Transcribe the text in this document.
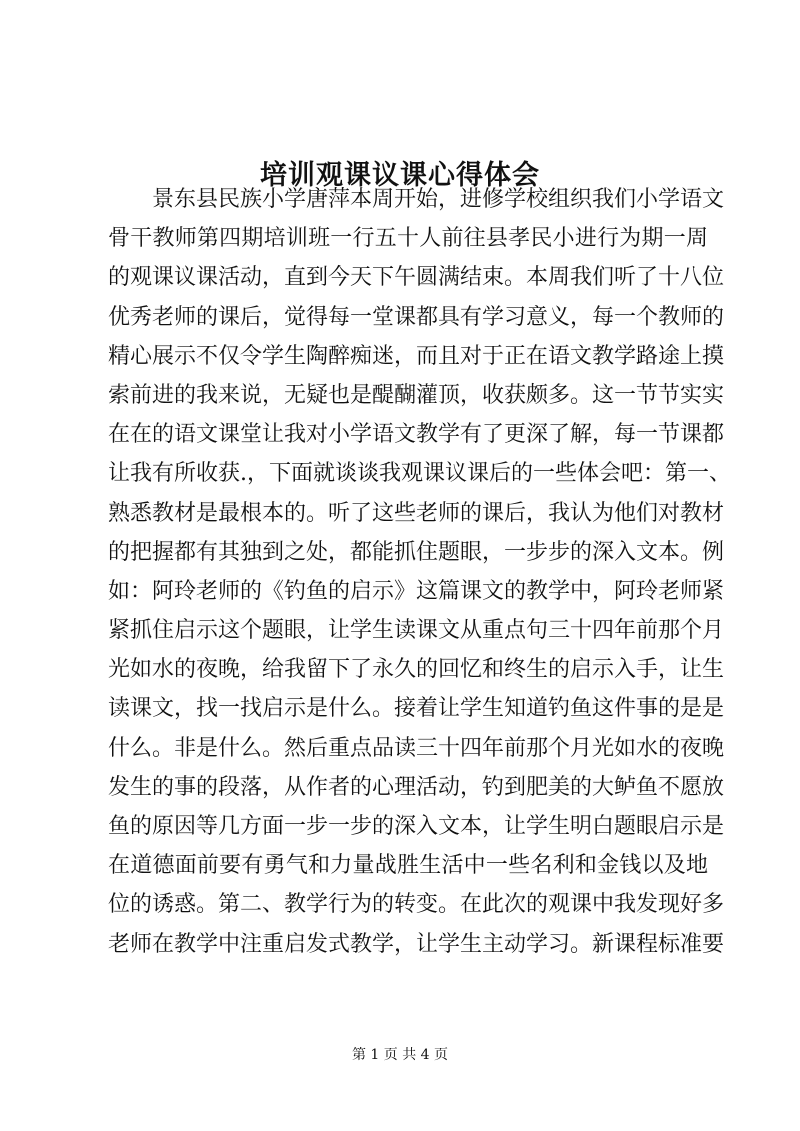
培训观课议课心得体会
景东县民族小学唐萍本周开始，进修学校组织我们小学语文
骨干教师第四期培训班一行五十人前往县孝民小进行为期一周
的观课议课活动，直到今天下午圆满结束。本周我们听了十八位
优秀老师的课后，觉得每一堂课都具有学习意义，每一个教师的
精心展示不仅令学生陶醉痴迷，而且对于正在语文教学路途上摸
索前进的我来说，无疑也是醍醐灌顶，收获颇多。这一节节实实
在在的语文课堂让我对小学语文教学有了更深了解，每一节课都
让我有所收获.，下面就谈谈我观课议课后的一些体会吧：第一、
熟悉教材是最根本的。听了这些老师的课后，我认为他们对教材
的把握都有其独到之处，都能抓住题眼，一步步的深入文本。例
如：阿玲老师的《钓鱼的启示》这篇课文的教学中，阿玲老师紧
紧抓住启示这个题眼，让学生读课文从重点句三十四年前那个月
光如水的夜晚，给我留下了永久的回忆和终生的启示入手，让生
读课文，找一找启示是什么。接着让学生知道钓鱼这件事的是是
什么。非是什么。然后重点品读三十四年前那个月光如水的夜晚
发生的事的段落，从作者的心理活动，钓到肥美的大鲈鱼不愿放
鱼的原因等几方面一步一步的深入文本，让学生明白题眼启示是
在道德面前要有勇气和力量战胜生活中一些名利和金钱以及地
位的诱惑。第二、教学行为的转变。在此次的观课中我发现好多
老师在教学中注重启发式教学，让学生主动学习。新课程标准要
第 1 页 共 4 页
